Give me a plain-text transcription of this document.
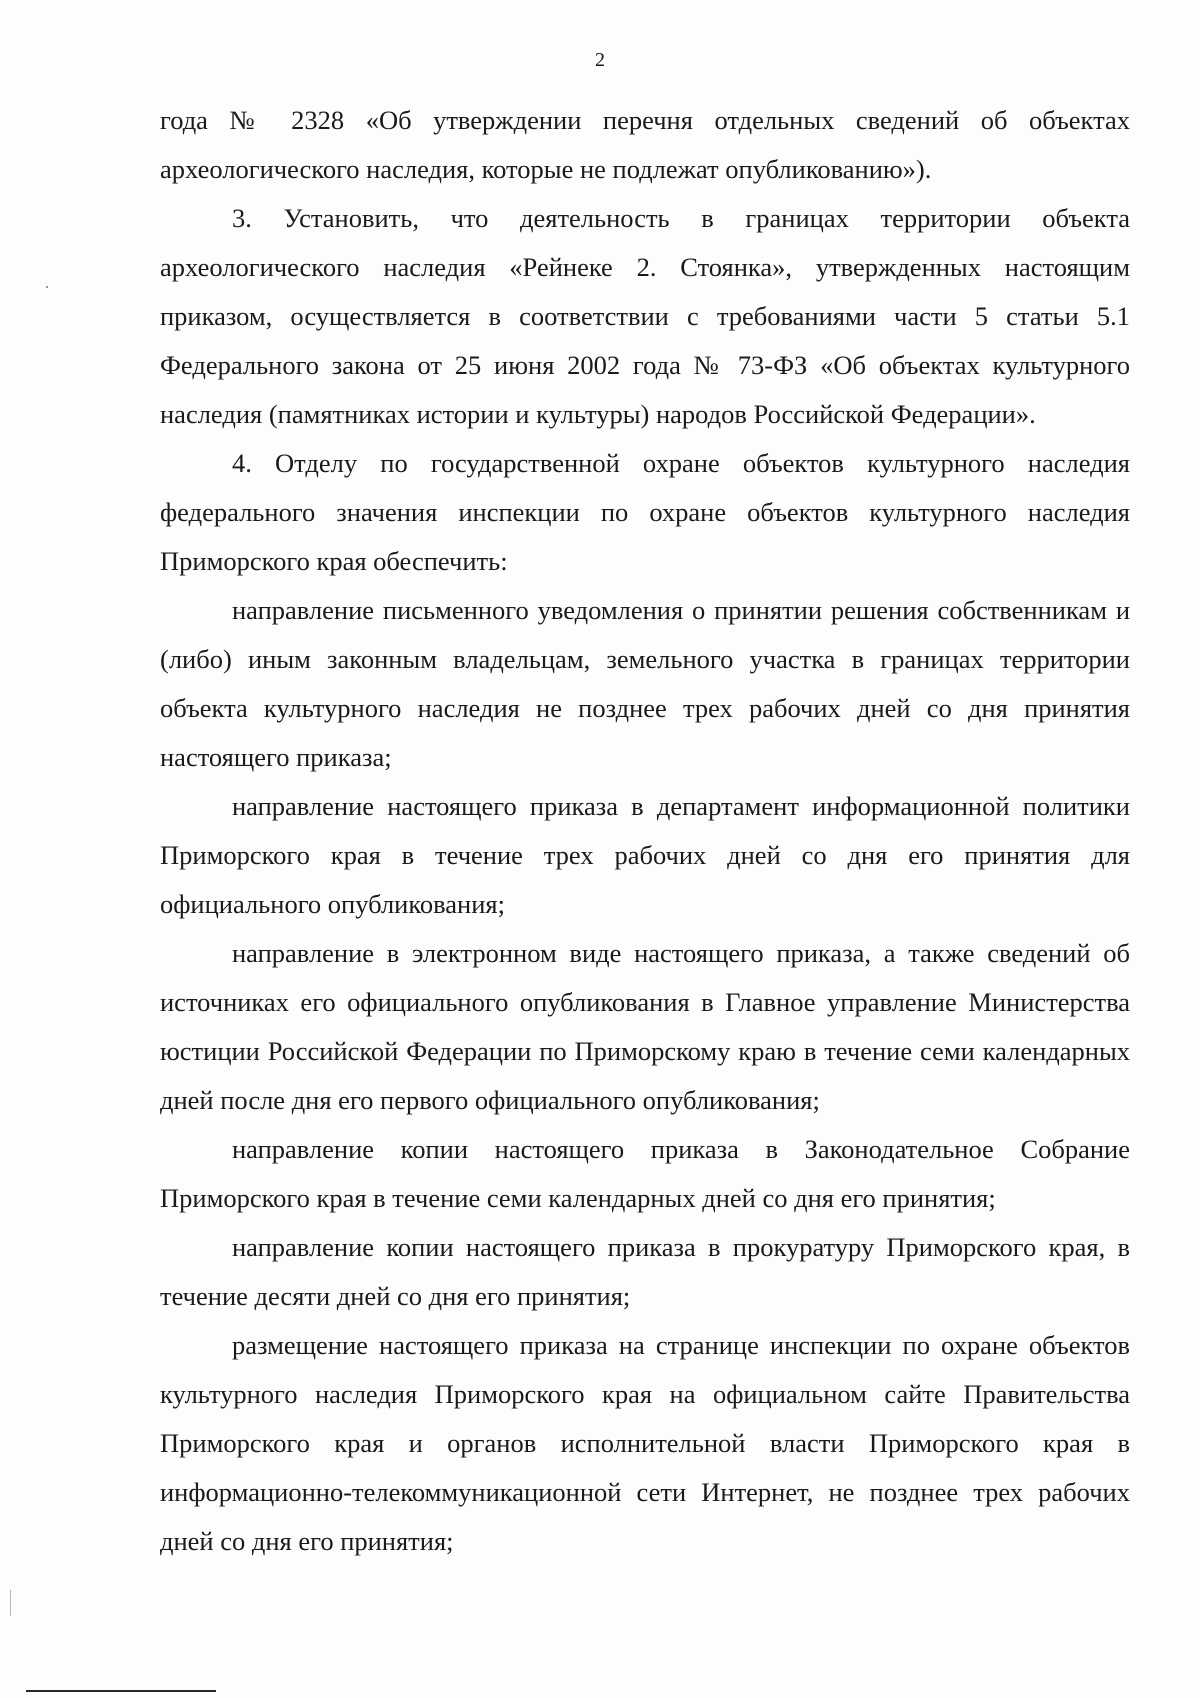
2

года № 2328 «Об утверждении перечня отдельных сведений об объектах археологического наследия, которые не подлежат опубликованию»).

3. Установить, что деятельность в границах территории объекта археологического наследия «Рейнеке 2. Стоянка», утвержденных настоящим приказом, осуществляется в соответствии с требованиями части 5 статьи 5.1 Федерального закона от 25 июня 2002 года № 73-ФЗ «Об объектах культурного наследия (памятниках истории и культуры) народов Российской Федерации».

4. Отделу по государственной охране объектов культурного наследия федерального значения инспекции по охране объектов культурного наследия Приморского края обеспечить:

направление письменного уведомления о принятии решения собственникам и (либо) иным законным владельцам, земельного участка в границах территории объекта культурного наследия не позднее трех рабочих дней со дня принятия настоящего приказа;

направление настоящего приказа в департамент информационной политики Приморского края в течение трех рабочих дней со дня его принятия для официального опубликования;

направление в электронном виде настоящего приказа, а также сведений об источниках его официального опубликования в Главное управление Министерства юстиции Российской Федерации по Приморскому краю в течение семи календарных дней после дня его первого официального опубликования;

направление копии настоящего приказа в Законодательное Собрание Приморского края в течение семи календарных дней со дня его принятия;

направление копии настоящего приказа в прокуратуру Приморского края, в течение десяти дней со дня его принятия;

размещение настоящего приказа на странице инспекции по охране объектов культурного наследия Приморского края на официальном сайте Правительства Приморского края и органов исполнительной власти Приморского края в информационно-телекоммуникационной сети Интернет, не позднее трех рабочих дней со дня его принятия;
